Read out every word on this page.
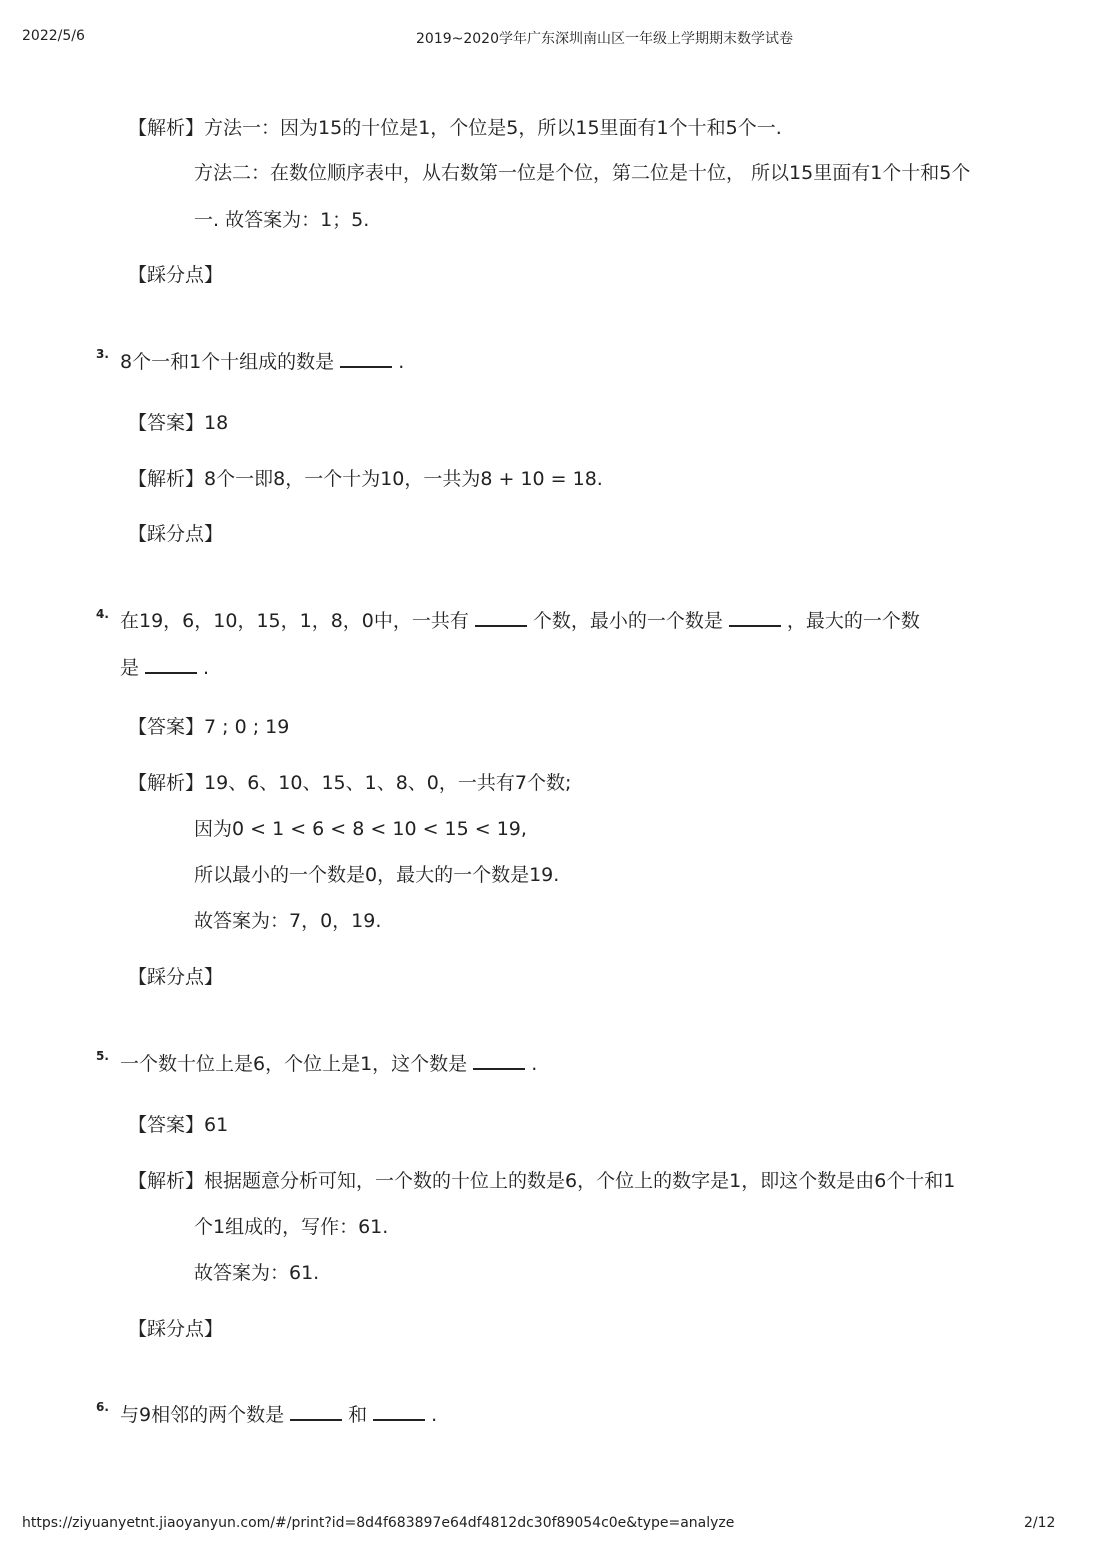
2022/5/6	2019~2020学年广东深圳南山区一年级上学期期末数学试卷
【解析】方法一：因为15的十位是1，个位是5，所以15里面有1个十和5个一.
方法二：在数位顺序表中，从右数第一位是个位，第二位是十位， 所以15里面有1个十和5个
一. 故答案为：1；5.
【踩分点】
3. 8个一和1个十组成的数是	.
【答案】18
【解析】8个一即8，一个十为10，一共为8 + 10 = 18.
【踩分点】
4. 在19，6，10，15，1，8，0中，一共有	个数，最小的一个数是	，最大的一个数
是	.
【答案】7 ; 0 ; 19
【解析】19、6、10、15、1、8、0，一共有7个数;
因为0 < 1 < 6 < 8 < 10 < 15 < 19,
所以最小的一个数是0，最大的一个数是19.
故答案为：7，0，19.
【踩分点】
5. 一个数十位上是6，个位上是1，这个数是	.
【答案】61
【解析】根据题意分析可知，一个数的十位上的数是6，个位上的数字是1，即这个数是由6个十和1
个1组成的，写作：61.
故答案为：61.
【踩分点】
6. 与9相邻的两个数是	和	.
https://ziyuanyetnt.jiaoyanyun.com/#/print?id=8d4f683897e64df4812dc30f89054c0e&type=analyze	2/12
